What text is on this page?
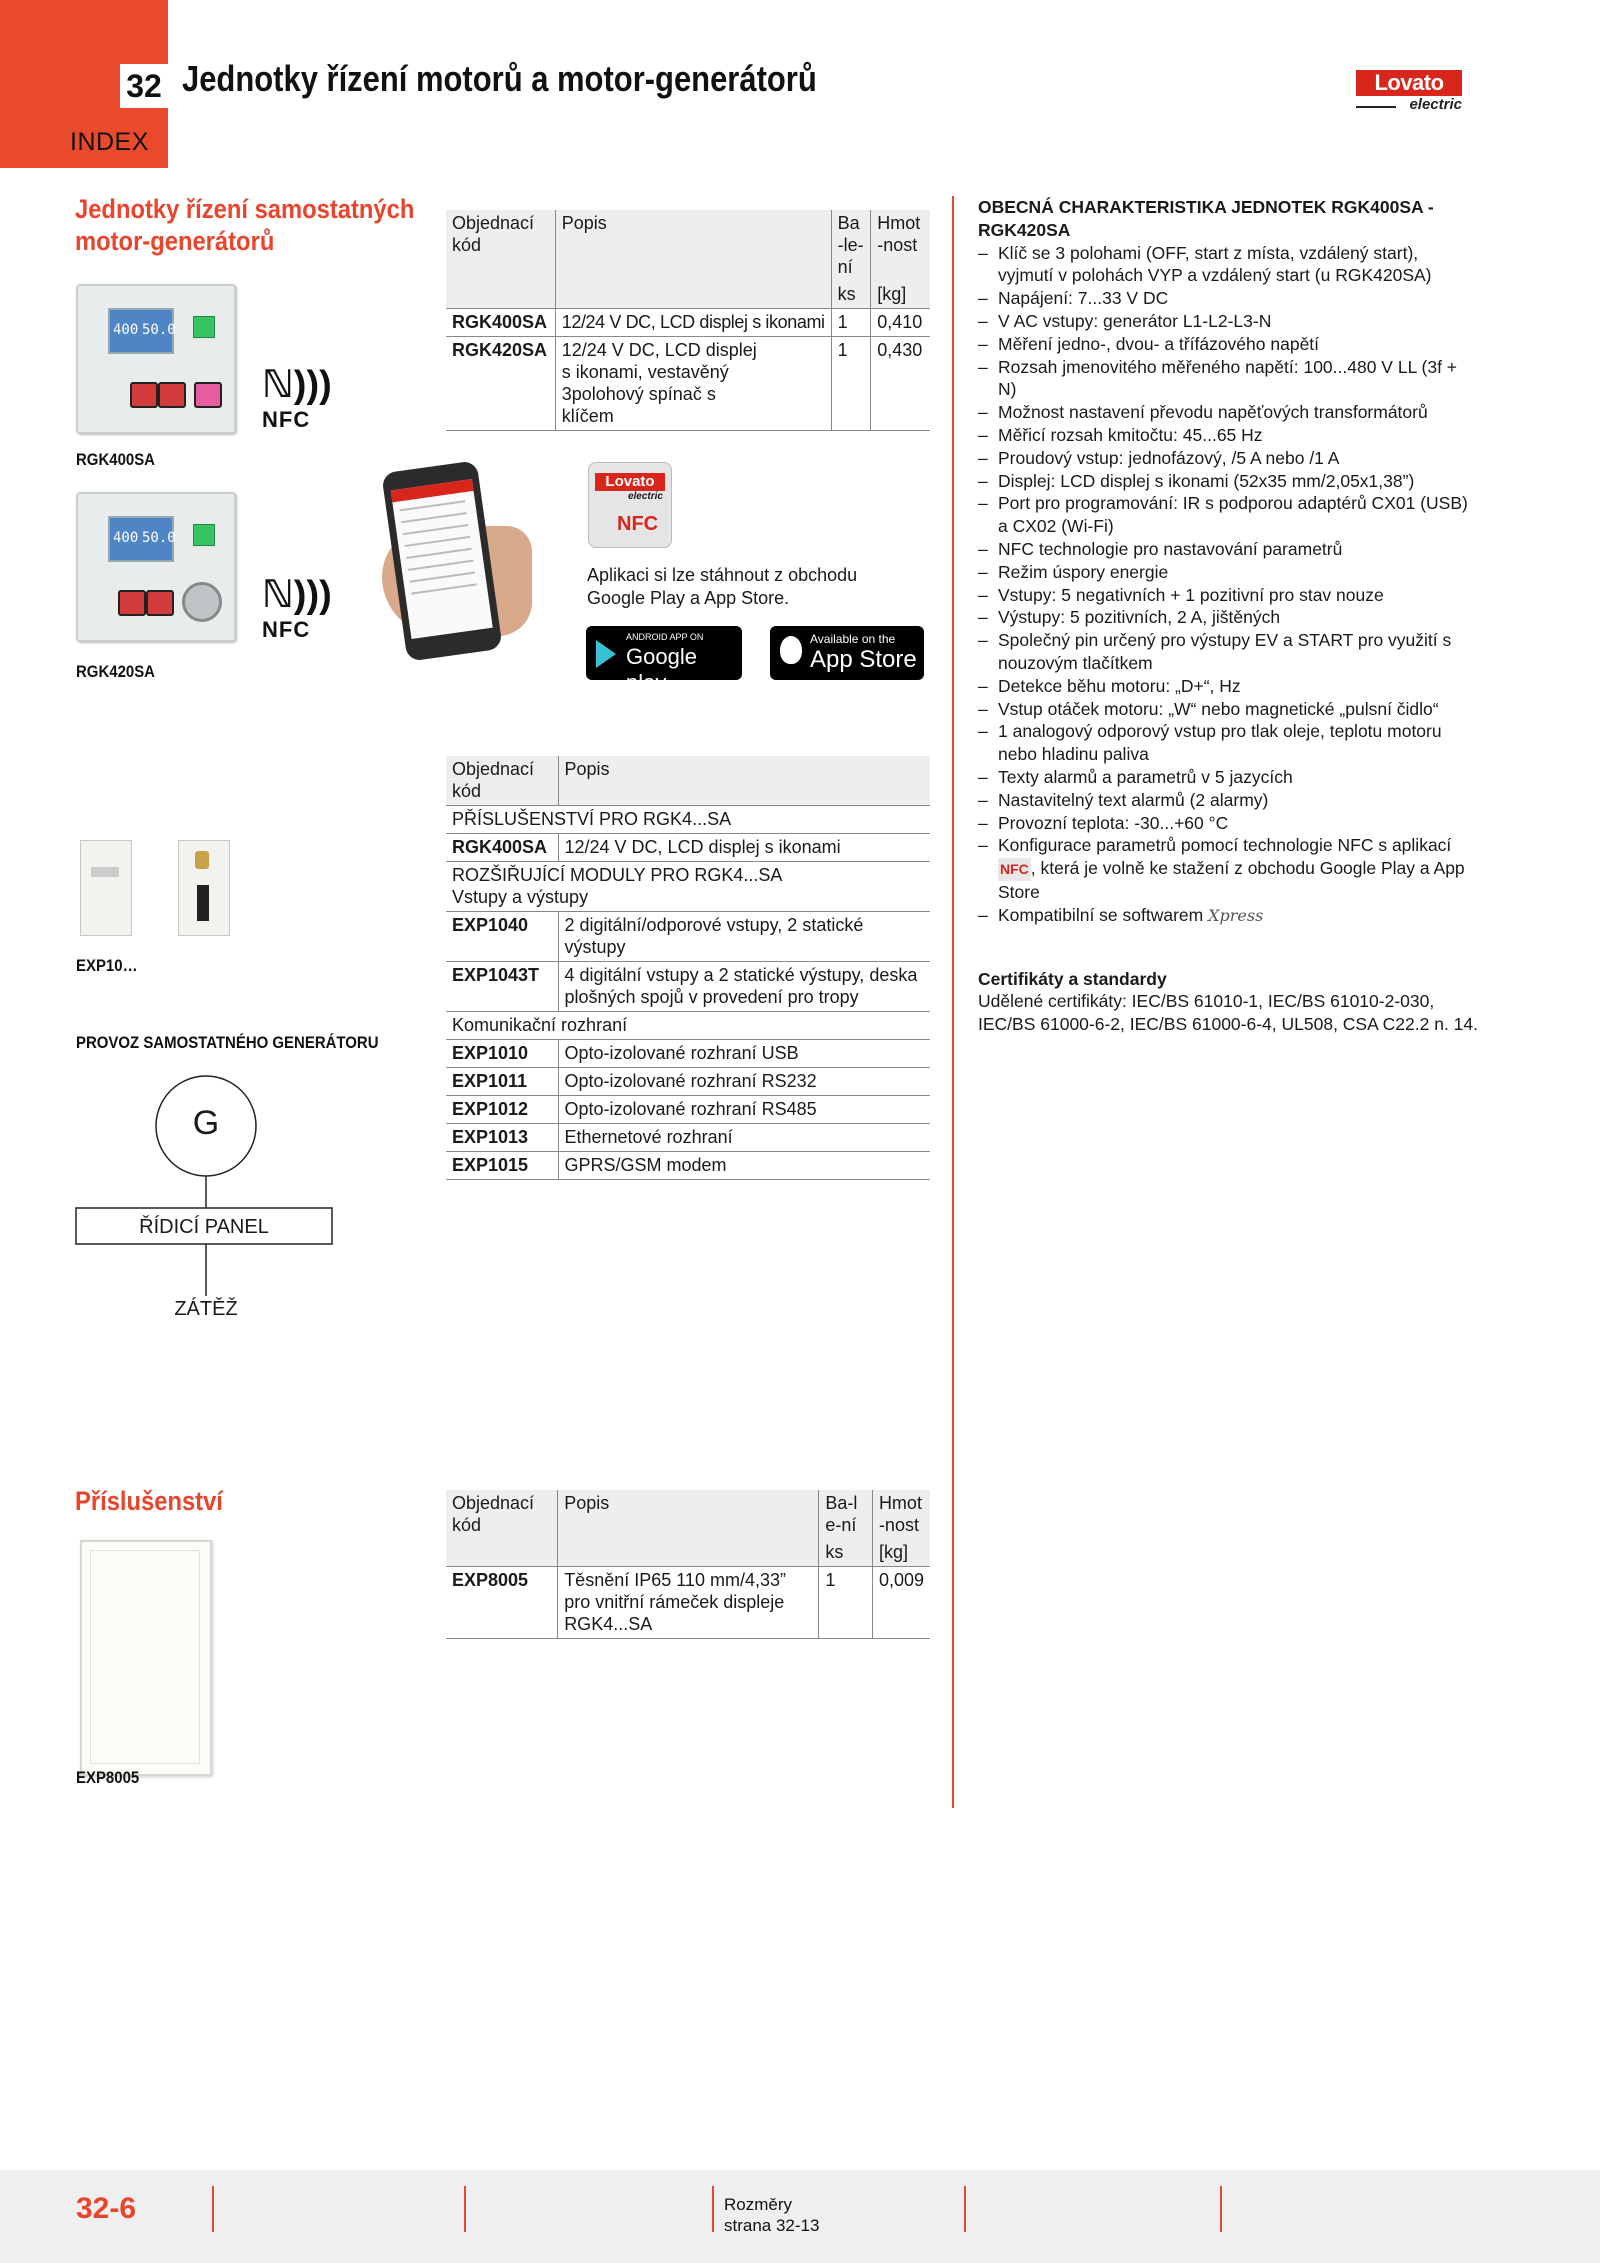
32
INDEX
Jednotky řízení motorů a motor-generátorů	Lovato
electric
Jednotky řízení samostatných
motor-generátorů
400 50.0
ℕ)))
NFC
RGK400SA
400 50.0
ℕ)))
NFC
RGK420SA
Objednací kód	Popis	Ba-le-ní	Hmot-nost
		ks	[kg]
RGK400SA	12/24 V DC, LCD displej s ikonami	1	0,410
RGK420SA	12/24 V DC, LCD displej s ikonami, vestavěný 3polohový spínač s klíčem	1	0,430
Lovato
electric
NFC
Aplikaci si lze stáhnout z obchodu Google Play a App Store.
ANDROID APP ON
Google play
Available on the
App Store
EXP10…
PROVOZ SAMOSTATNÉHO GENERÁTORU
G
ŘÍDICÍ PANEL
ZÁTĚŽ
Objednací kód	Popis
PŘÍSLUŠENSTVÍ PRO RGK4...SA	
RGK400SA	12/24 V DC, LCD displej s ikonami
ROZŠIŘUJÍCÍ MODULY PRO RGK4...SA	
Vstupy a výstupy	
EXP1040	2 digitální/odporové vstupy, 2 statické výstupy
EXP1043T	4 digitální vstupy a 2 statické výstupy, deska plošných spojů v provedení pro tropy
Komunikační rozhraní	
EXP1010	Opto-izolované rozhraní USB
EXP1011	Opto-izolované rozhraní RS232
EXP1012	Opto-izolované rozhraní RS485
EXP1013	Ethernetové rozhraní
EXP1015	GPRS/GSM modem
Příslušenství
EXP8005
Objednací kód	Popis	Ba-le-ní	Hmot-nost
		ks	[kg]
EXP8005	Těsnění IP65 110 mm/4,33” pro vnitřní rámeček displeje RGK4...SA	1	0,009
OBECNÁ CHARAKTERISTIKA JEDNOTEK RGK400SA - RGK420SA
– Klíč se 3 polohami (OFF, start z místa, vzdálený start), vyjmutí v polohách VYP a vzdálený start (u RGK420SA)
– Napájení: 7...33 V DC
– V AC vstupy: generátor L1-L2-L3-N
– Měření jedno-, dvou- a třífázového napětí
– Rozsah jmenovitého měřeného napětí: 100...480 V LL (3f + N)
– Možnost nastavení převodu napěťových transformátorů
– Měřicí rozsah kmitočtu: 45...65 Hz
– Proudový vstup: jednofázový, /5 A nebo /1 A
– Displej: LCD displej s ikonami (52x35 mm/2,05x1,38”)
– Port pro programování: IR s podporou adaptérů CX01 (USB) a CX02 (Wi-Fi)
– NFC technologie pro nastavování parametrů
– Režim úspory energie
– Vstupy: 5 negativních + 1 pozitivní pro stav nouze
– Výstupy: 5 pozitivních, 2 A, jištěných
– Společný pin určený pro výstupy EV a START pro využití s nouzovým tlačítkem
– Detekce běhu motoru: „D+“, Hz
– Vstup otáček motoru: „W“ nebo magnetické „pulsní čidlo“
– 1 analogový odporový vstup pro tlak oleje, teplotu motoru nebo hladinu paliva
– Texty alarmů a parametrů v 5 jazycích
– Nastavitelný text alarmů (2 alarmy)
– Provozní teplota: -30...+60 °C
– Konfigurace parametrů pomocí technologie NFC s aplikací
NFC , která je volně ke stažení z obchodu Google Play a App Store
– Kompatibilní se softwarem Xpress
Certifikáty a standardy
Udělené certifikáty: IEC/BS 61010-1, IEC/BS 61010-2-030, IEC/BS 61000-6-2, IEC/BS 61000-6-4, UL508, CSA C22.2 n. 14.
32-6	Rozměry
strana 32-13
